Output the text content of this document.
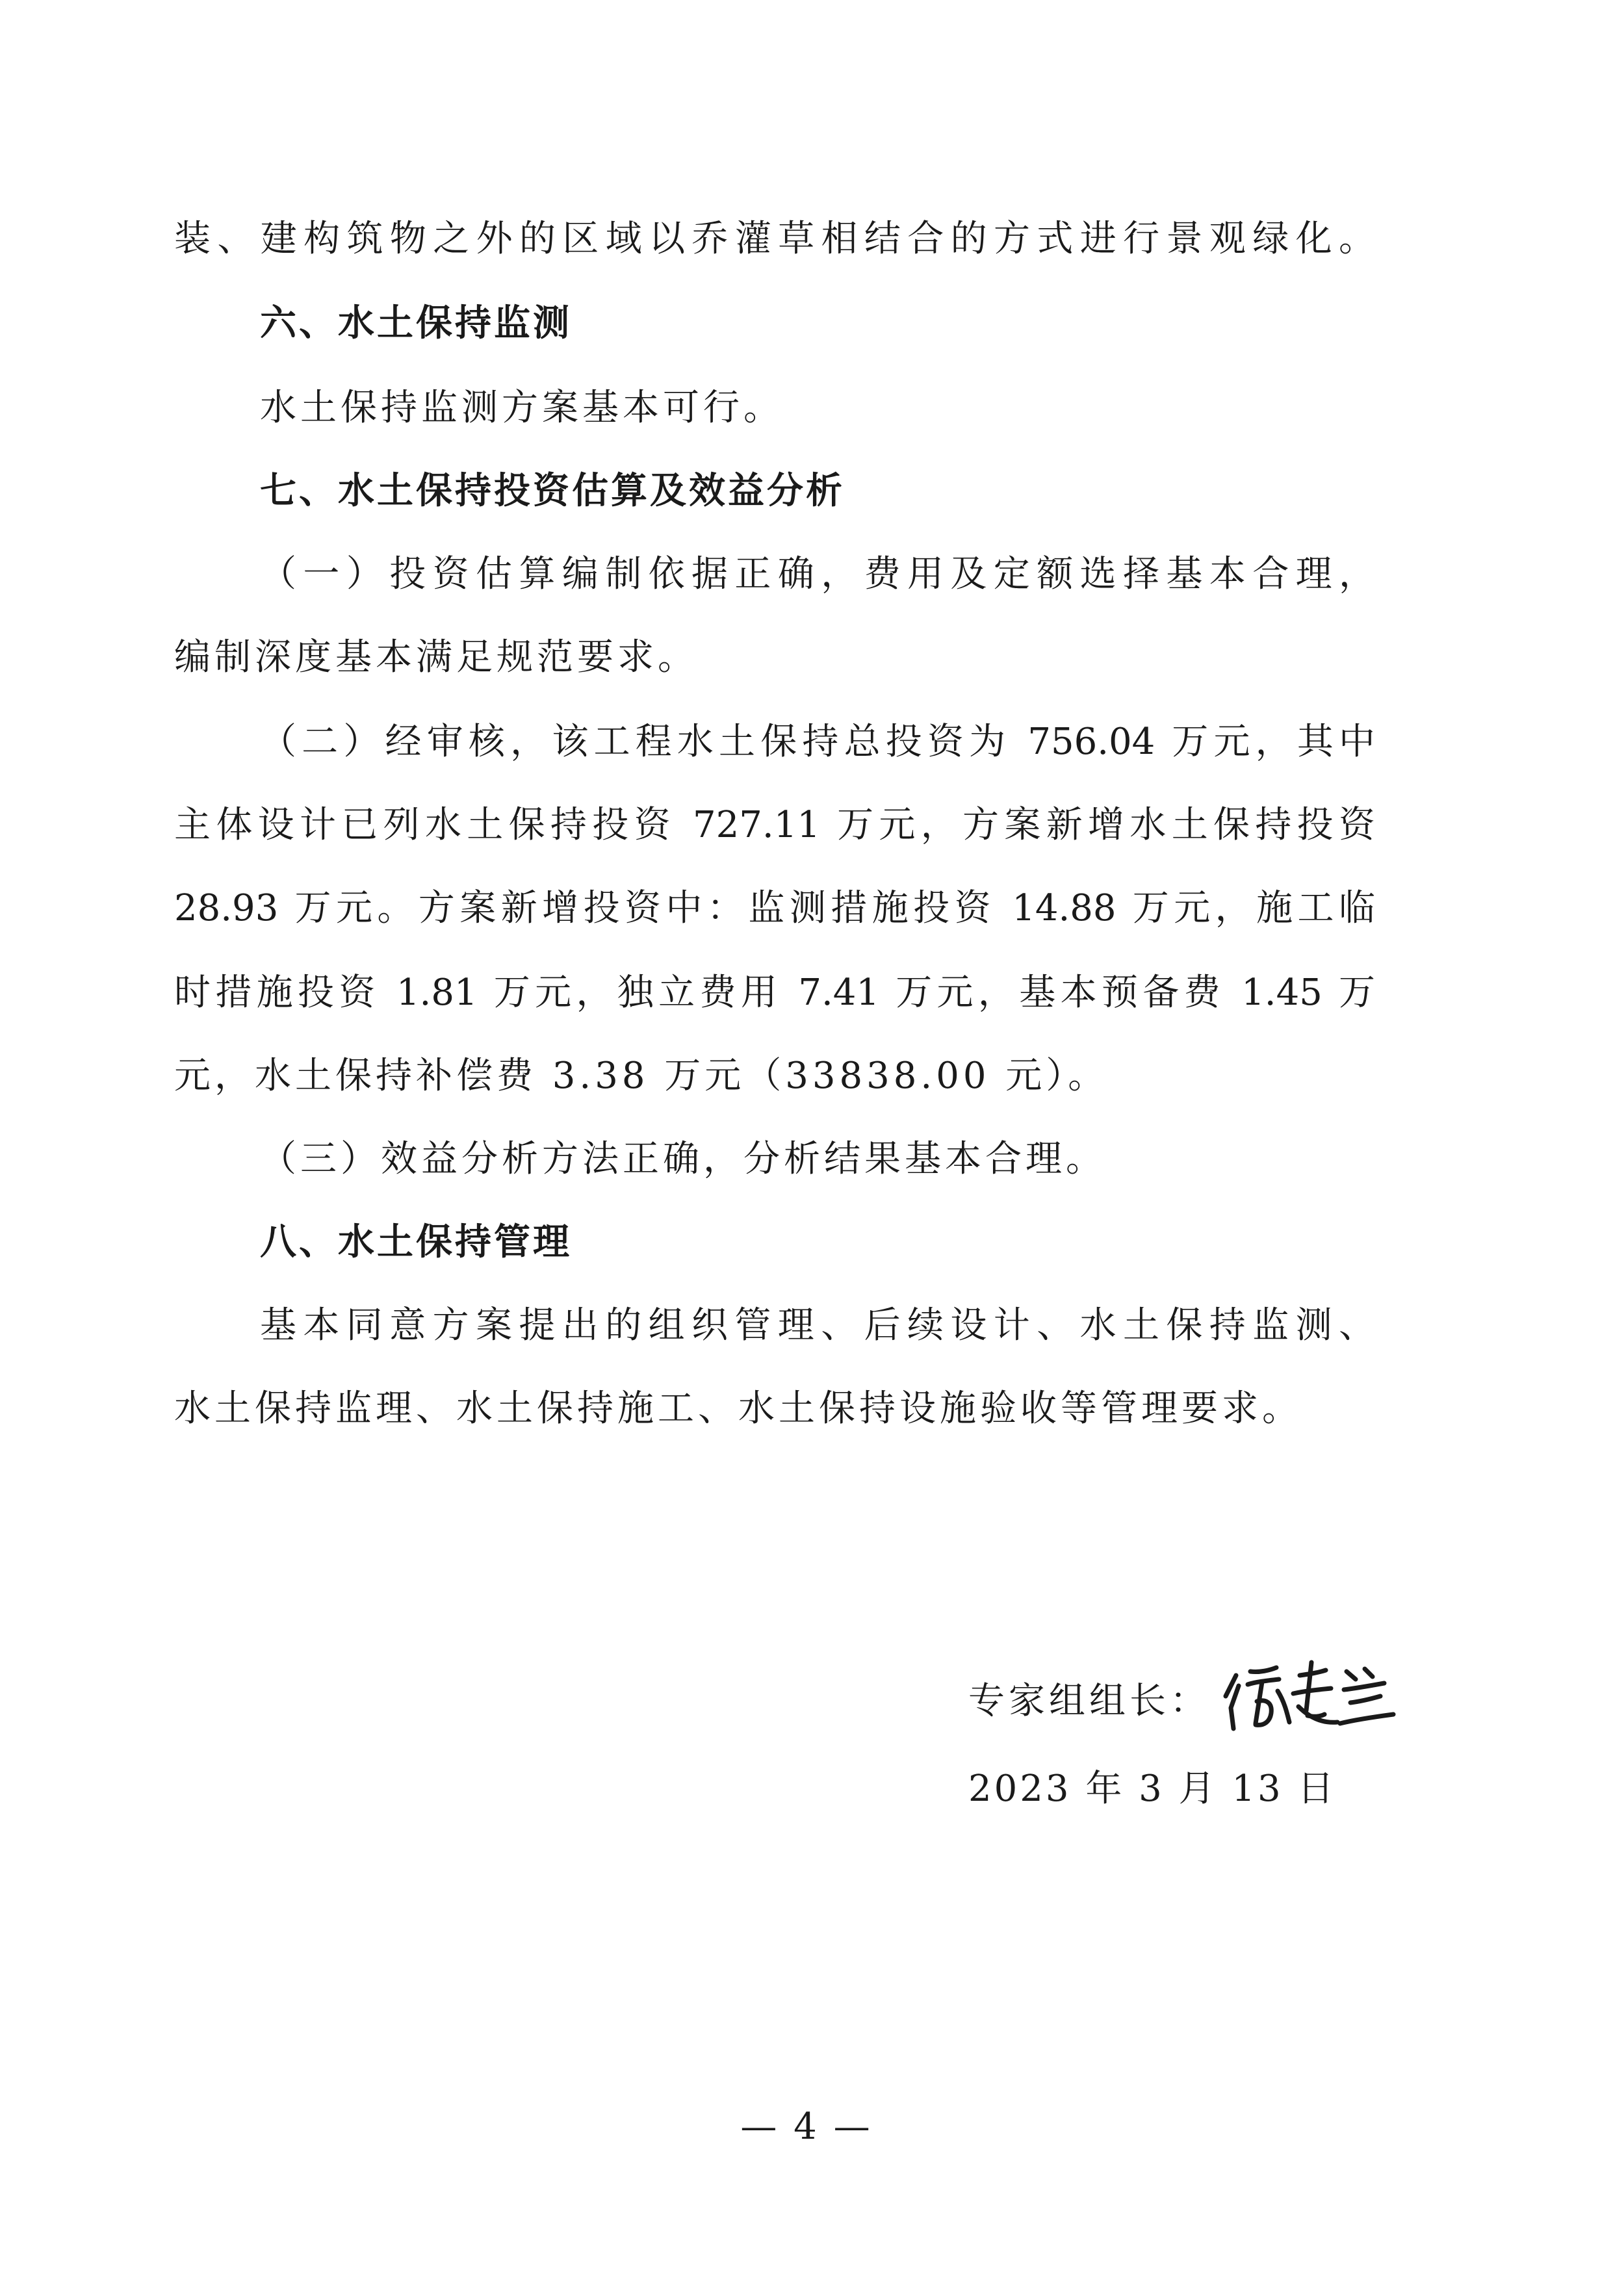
装、建构筑物之外的区域以乔灌草相结合的方式进行景观绿化。
六、水土保持监测
水土保持监测方案基本可行。
七、水土保持投资估算及效益分析
（一）投资估算编制依据正确，费用及定额选择基本合理，
编制深度基本满足规范要求。
（二）经审核，该工程水土保持总投资为 756.04 万元，其中
主体设计已列水土保持投资 727.11 万元，方案新增水土保持投资
28.93 万元。方案新增投资中：监测措施投资 14.88 万元，施工临
时措施投资 1.81 万元，独立费用 7.41 万元，基本预备费 1.45 万
元，水土保持补偿费 3.38 万元（33838.00 元）。
（三）效益分析方法正确，分析结果基本合理。
八、水土保持管理
基本同意方案提出的组织管理、后续设计、水土保持监测、
水土保持监理、水土保持施工、水土保持设施验收等管理要求。
专家组组长：
2023 年 3 月 13 日
— 4 —
